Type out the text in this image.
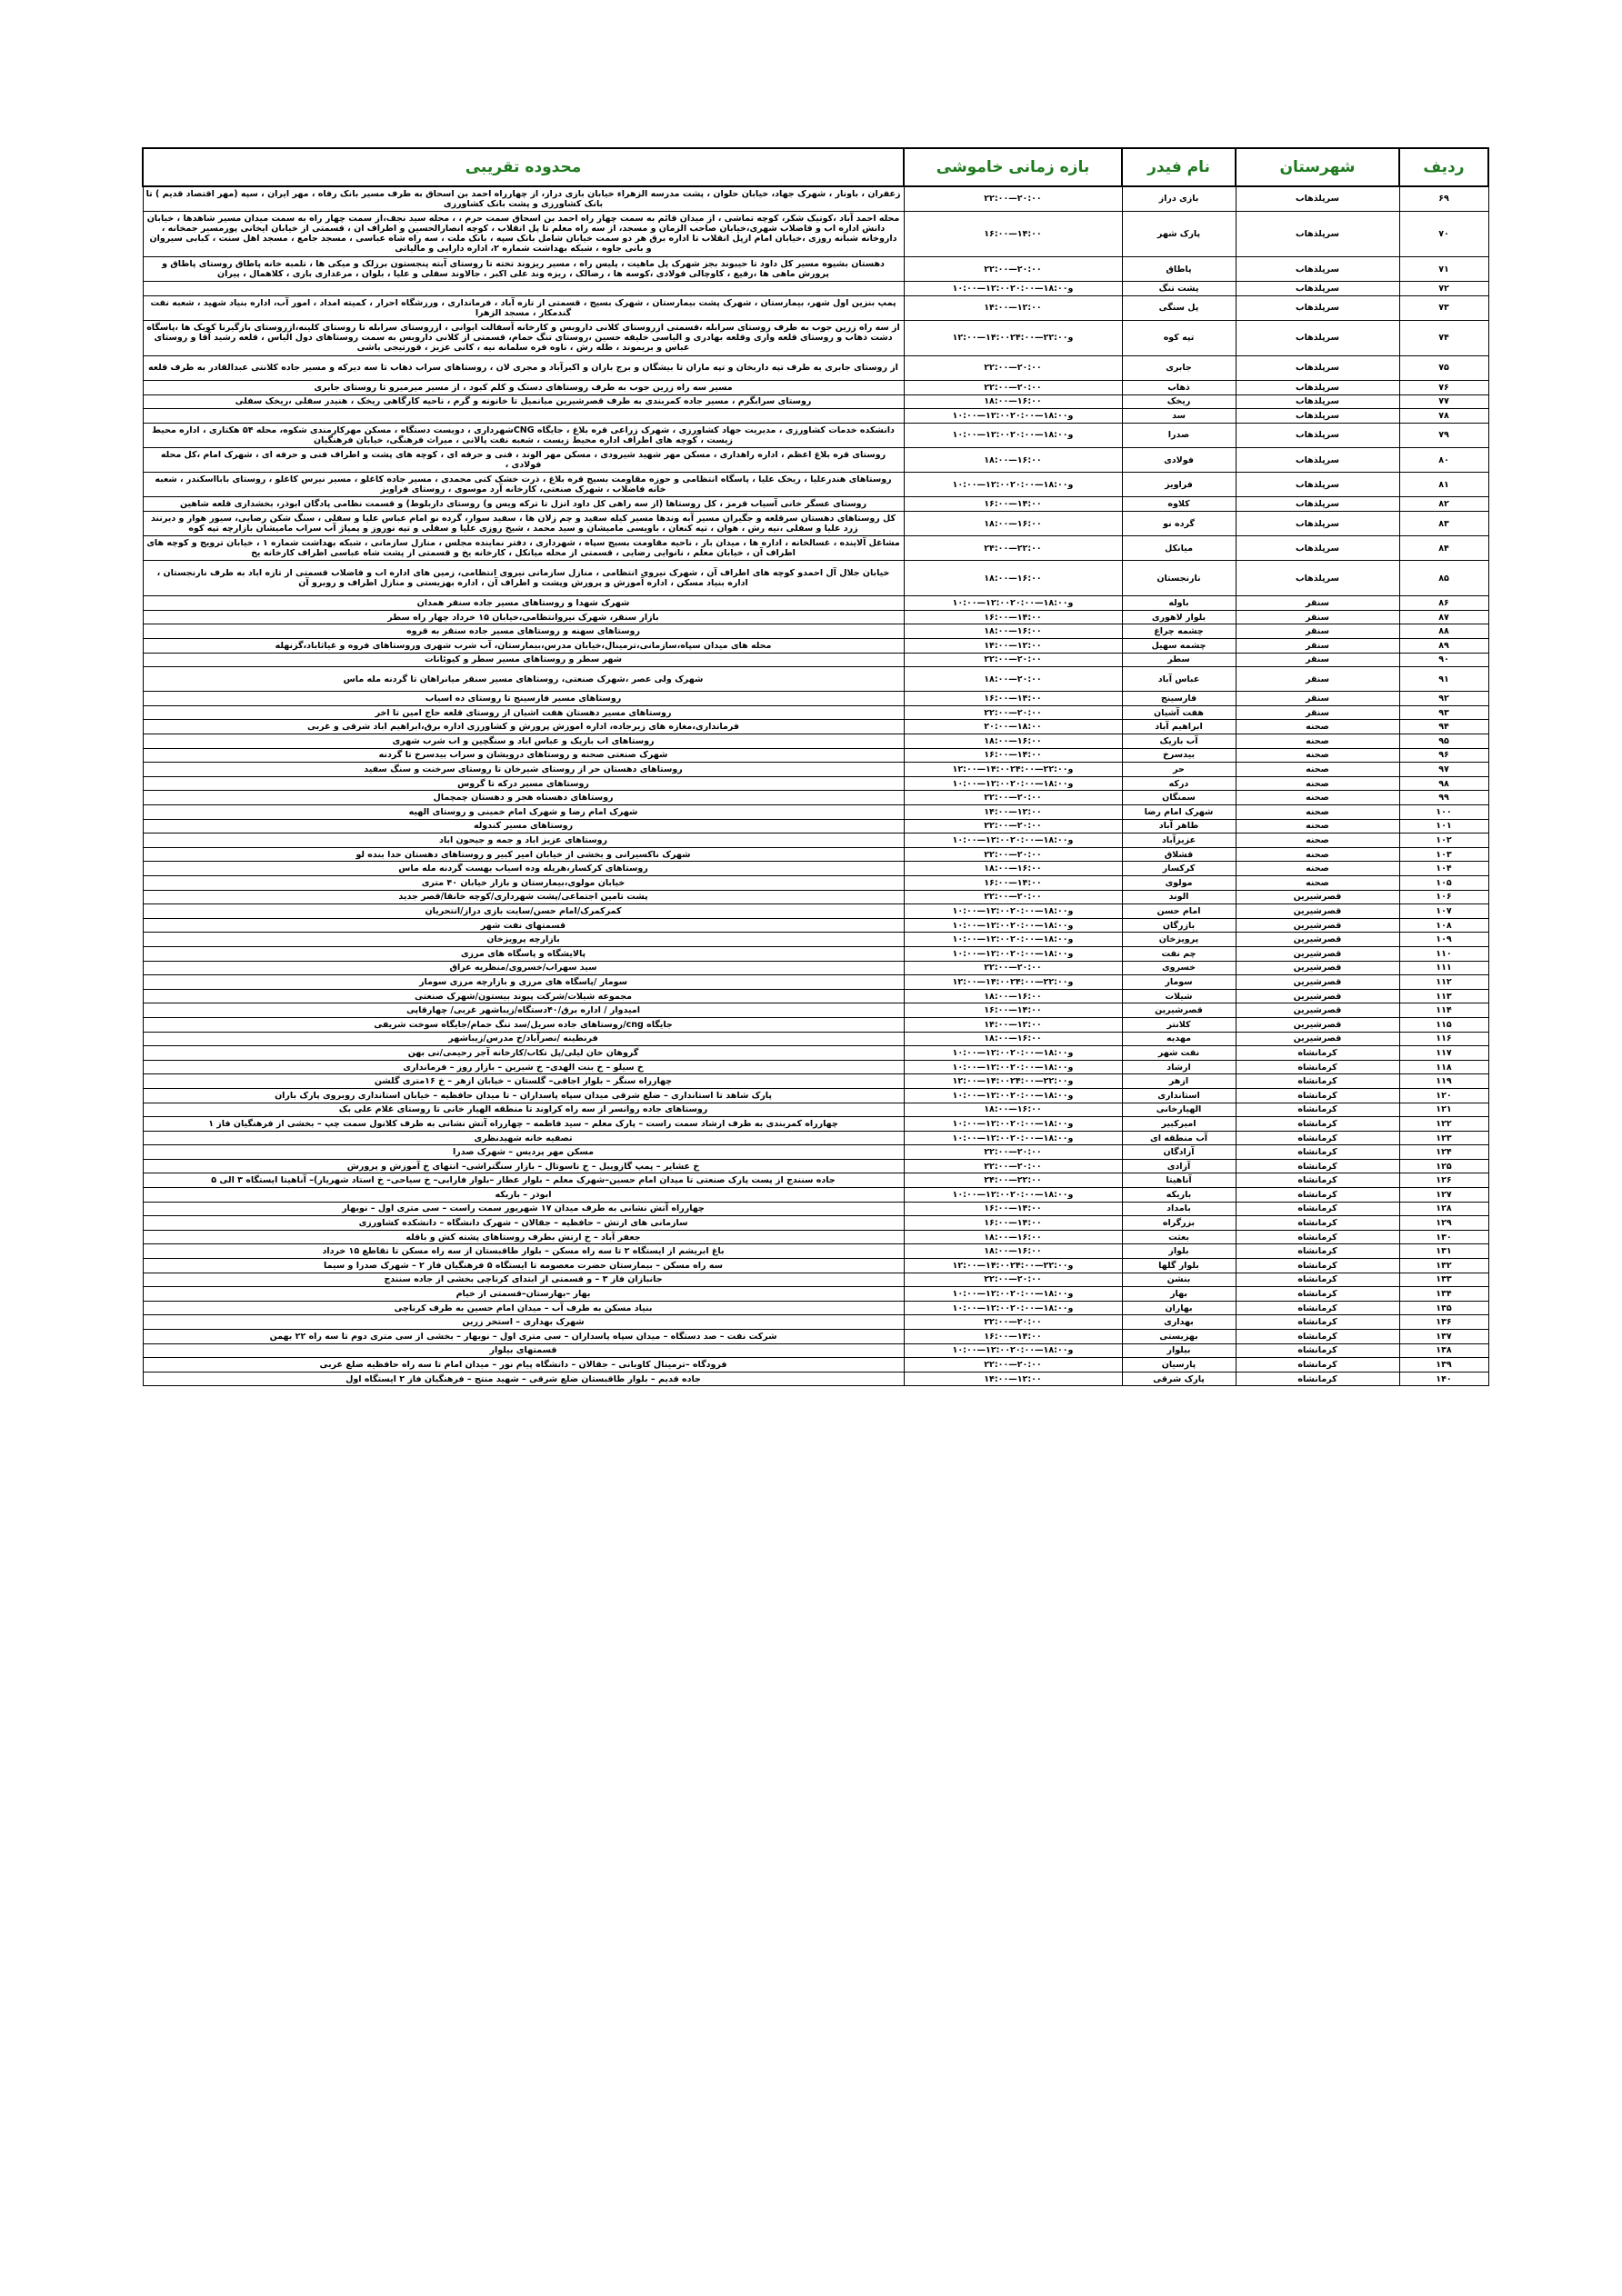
ردیف	شهرستان	نام فیدر	بازه زمانی خاموشی	محدوده تقریبی
۶۹	سرپلذهاب	بازی دراز	۲۲:۰۰—۲۰:۰۰	زعفران ، باونار ، شهرک جهاد، خیابان حلوان ، پشت مدرسه الزهراء خیابان بازی دراز، از چهارراه احمد بن اسحاق به طرف مسیر بانک رفاه ، مهر ایران ، سپه (مهر اقتصاد قدیم ) تا بانک کشاورزی و پشت بانک کشاورزی
۷۰	سرپلذهاب	پارک شهر	۱۶:۰۰—۱۴:۰۰	محله احمد آباد ،کوتیک شکر، کوچه تماشی ، از میدان قائم به سمت چهار راه احمد بن اسحاق سمت حرم ، ، محله سید نجف،از سمت چهار راه به سمت میدان مسیر شاهدها ، خیابان دانش اداره اب و فاضلاب شهری،خیابان صاحب الزمان و مسجد، از سه راه معلم تا پل انقلاب ، کوچه انصارالحسین و اطراف ان ، قسمتی از خیابان ایخانی پورمسیر جمخانه ، داروخانه شبانه روزی ،خیابان امام ازپل انقلاب تا اداره برق هر دو سمت خیابان شامل بانک سپه ، بانک ملت ، سه راه شاه عباسی ، مسجد جامع ، مسجد اهل سنت ، کبابی سیروان و بانی جاوه ، شبکه بهداشت شماره ۲، اداره دارایی و مالیاتی
۷۱	سرپلذهاب	پاطاق	۲۲:۰۰—۲۰:۰۰	دهستان بشیوه مسیر کل داود تا حیبوند بجز شهرک پل ماهیت ، پلیس راه ، مسیر ریزوند تخته تا روستای آبته پنجستون برزلک و میکی ها ، تلمبه خانه پاطاق روستای پاطاق و پرورش ماهی ها ،رفیع ، کاوچالی فولادی ،کوسه ها ، رضالک ، ریزه وند علی اکبر ، جالاوند سفلی و علیا ، بلوان ، مرغداری باری ، کلاهمال ، پیران
۷۲	سرپلذهاب	پشت تنگ	۱۰:۰۰—۱۲:۰۰و۱۸:۰۰—۲۰:۰۰	
۷۳	سرپلذهاب	پل سنگی	۱۴:۰۰—۱۲:۰۰	پمپ بنزین اول شهر، بیمارستان ، شهرک پشت بیمارستان ، شهرک بسیج ، قسمتی از تازه آباد ، فرمانداری ، ورزشگاه احرار ، کمیته امداد ، امور آب، اداره بنیاد شهید ، شعبه نفت گندمکار ، مسجد الزهرا
۷۴	سرپلذهاب	تپه کوه	۱۲:۰۰—۱۴:۰۰و۲۲:۰۰—۲۴:۰۰	از سه راه زرین جوب به طرف روستای سرابله ،قسمتی ازروستای کلانی داروبس و کارخانه آسفالت ایوانی ، ازروستای سرابله تا روستای کلینه،ازروستای بازگیرنا کوبک ها ،پاسگاه دشت ذهاب و روستای قلعه واری وقلعه بهادری و الیاسی خلیفه حسین ،روستای تنگ حمام، قسمتی از کلانی داروبس به سمت روستاهای دول الیاس ، قلعه رشید آقا و روستای عباس و بریموند ، طله رش ، ناوه فره سلمانه نیه ، کانی عزیز ، قورتیجی باشی
۷۵	سرپلذهاب	جابری	۲۲:۰۰—۲۰:۰۰	از روستای جابری به طرف تپه داربخان و تپه ماران تا بیشگان و برج باران و اکبرآباد و مجری لان ، روستاهای سراب ذهاب تا سه دیرکه و مسیر جاده کلانتی عبدالقادر به طرف قلعه
۷۶	سرپلذهاب	ذهاب	۲۲:۰۰—۲۰:۰۰	مسیر سه راه زرین جوب به طرف روستاهای دستک و کلم کبود ، از مسیر میرمیرو تا روستای جابری
۷۷	سرپلذهاب	ریخک	۱۸:۰۰—۱۶:۰۰	روستای سرابگرم ، مسیر جاده کمربندی به طرف قصرشیرین میانمیل تا خانونه و گرم ، ناحیه کارگاهی ریخک ، هنیدر سفلی ،ریخک سفلی
۷۸	سرپلذهاب	سد	۱۰:۰۰—۱۲:۰۰و۱۸:۰۰—۲۰:۰۰	
۷۹	سرپلذهاب	صدرا	۱۰:۰۰—۱۲:۰۰و۱۸:۰۰—۲۰:۰۰	دانشکده خدمات کشاورزی ، مدیریت جهاد کشاورزی ، شهرک زراعی قره بلاغ ، جایگاه CNGشهرداری ، دویست دستگاه ، مسکن مهرکارمندی شکوه، محله ۵۴ هکتاری ، اداره محیط زیست ، کوچه های اطراف اداره محیط زیست ، شعبه نفت پالانی ، میراث فرهنگی، خیابان فرهنگیان
۸۰	سرپلذهاب	فولادی	۱۸:۰۰—۱۶:۰۰	روستای قره بلاغ اعظم ، اداره راهداری ، مسکن مهر شهید شیرودی ، مسکن مهر الوند ، فنی و حرفه ای ، کوچه های پشت و اطراف فنی و حرفه ای ، شهرک امام ،کل محله فولادی ،
۸۱	سرپلذهاب	فراویز	۱۰:۰۰—۱۲:۰۰و۱۸:۰۰—۲۰:۰۰	روستاهای هندرعلیا ، ریخک علیا ، پاسگاه انتظامی و حوزه مقاومت بسیج قره بلاغ ، ذرت خشک کنی محمدی ، مسیر جاده کاغلو ، مسیر نیرس کاغلو ، روستای بابااسکندر ، شعبه خانه فاضلاب ، شهرک صنعتی، کارخانه آرد موسوی ، روستای فراویز
۸۲	سرپلذهاب	کلاوه	۱۶:۰۰—۱۴:۰۰	روستای عسگر خانی آسیاب قرمز ، کل روستاها (از سه راهی کل داود انزل تا ترکه ویس و) روستای داربلوط) و قسمت نظامی پادگان ابوذر، بخشداری قلعه شاهین
۸۳	سرپلذهاب	گرده نو	۱۸:۰۰—۱۶:۰۰	کل روستاهای دهستان سرقلعه و جگیران مسیر آبه وندها مسیر کیله سفید و چم زلان ها ، سفید سوار، گرده نو امام عباس علیا و سفلی ، سنگ شکن رضایی، سیور هوار و دیرنند زرد علیا و سفلی ،نیه رش ، هوان ، تپه کنعان ، باویسی مامیشان و سید محمد ، شیخ روزی علیا و سفلی و تپه نوروز و پمپاژ آب سراب مامیشان بازارچه تپه کوه
۸۴	سرپلذهاب	میانکل	۲۴:۰۰—۲۲:۰۰	مشاغل آلاینده ، غسالخانه ، اداره ها ، میدان بار ، ناحیه مقاومت بسیج سپاه ، شهرداری ، دفتر نماینده مجلس ، منازل سازمانی ، شبکه بهداشت شماره ۱ ، خیابان ترویج و کوچه های اطراف آن ، خیابان معلم ، نانوایی رضایی ، قسمتی از محله میانکل ، کارخانه یخ و قسمتی از پشت شاه عباسی اطراف کارخانه یخ
۸۵	سرپلذهاب	نارنجستان	۱۸:۰۰—۱۶:۰۰	خیابان جلال آل احمدو کوچه های اطراف آن ، شهرک نیروی انتظامی ، منازل سازمانی نیروی انتظامی، زمین های اداره اب و فاضلاب قسمتی از تازه اباد به طرف نارنجستان ، اداره بنیاد مسکن ، اداره آموزش و پرورش وپشت و اطراف آن ، اداره بهزیستی و منازل اطراف و روبرو آن
۸۶	سنقر	باوله	۱۰:۰۰—۱۲:۰۰و۱۸:۰۰—۲۰:۰۰	شهرک شهدا و روستاهای مسیر جاده سنقر همدان
۸۷	سنقر	بلوار لاهوری	۱۶:۰۰—۱۴:۰۰	بازار سنقر، شهرک نیروانتظامی،خیابان ۱۵ خرداد چهار راه سطر
۸۸	سنقر	چشمه چراغ	۱۸:۰۰—۱۶:۰۰	روستاهای سهنه و روستاهای مسیر جاده سنقر به قروه
۸۹	سنقر	چشمه سهیل	۱۴:۰۰—۱۲:۰۰	محله های میدان سپاه،سازمانی،ترمینال،خیابان مدرس،بیمارستان، آب شرب شهری وروستاهای فروه و غیاثاباد،گزنهله
۹۰	سنقر	سطر	۲۲:۰۰—۲۰:۰۰	شهر سطر و روستاهای مسیر سطر و کیوئانات
۹۱	سنقر	عباس آباد	۱۸:۰۰—۲۰:۰۰	شهرک ولی عصر ،شهرک صنعتی، روستاهای مسیر سنقر میانراهان تا گردنه مله ماس
۹۲	سنقر	فارسینج	۱۶:۰۰—۱۴:۰۰	روستاهای مسیر فارسینج تا روستای ده اسیاب
۹۳	سنقر	هفت آشیان	۲۲:۰۰—۲۰:۰۰	روستاهای مسیر دهستان هفت اشیان از روستای قلعه حاج امین تا اخر
۹۴	صحنه	ابراهیم آباد	۲۰:۰۰—۱۸:۰۰	فرمانداری،مغازه های زیرجاده، اداره اموزش پرورش و کشاورزی اداره برق،ابراهیم اباد شرقی و غربی
۹۵	صحنه	آب باریک	۱۸:۰۰—۱۶:۰۰	روستاهای اب باریک و عباس اباد و سنگچین و اب شرب شهری
۹۶	صحنه	بیدسرخ	۱۶:۰۰—۱۴:۰۰	شهرک صنعتی صحنه و روستاهای درویشان و سراب بیدسرخ تا گردنه
۹۷	صحنه	حر	۱۲:۰۰—۱۴:۰۰و۲۲:۰۰—۲۴:۰۰	روستاهای دهستان حر از روستای شیرخان تا روستای سرخنت و سنگ سفید
۹۸	صحنه	درکه	۱۰:۰۰—۱۲:۰۰و۱۸:۰۰—۲۰:۰۰	روستاهای مسیر درکه تا گروس
۹۹	صحنه	سمنگان	۲۲:۰۰—۲۰:۰۰	روستاهای دهستاه هجر و دهستان چمچمال
۱۰۰	صحنه	شهرک امام رضا	۱۴:۰۰—۱۲:۰۰	شهرک امام رضا و شهرک امام خمینی و روستای الهیه
۱۰۱	صحنه	طاهر آباد	۲۲:۰۰—۲۰:۰۰	روستاهای مسیر کندوله
۱۰۲	صحنه	عزیزآباد	۱۰:۰۰—۱۲:۰۰و۱۸:۰۰—۲۰:۰۰	روستاهای عزیز اباد و جمه و جیحون اباد
۱۰۳	صحنه	قشلاق	۲۲:۰۰—۲۰:۰۰	شهرک ناکسیرانی و بخشی از خیابان امیر کبیر و روستاهای دهستان خدا بنده لو
۱۰۴	صحنه	کرکسار	۱۸:۰۰—۱۶:۰۰	روستاهای کرکسار،هریله وده اسیاب بهست گردنه مله ماس
۱۰۵	صحنه	مولوی	۱۶:۰۰—۱۴:۰۰	خیابان مولوی،بیمارستان و بازار خیابان ۴۰ متری
۱۰۶	قصرشیرین	الوند	۲۲:۰۰—۲۰:۰۰	پشت تامین اجتماعی/پشت شهرداری/کوچه خانقا/قصر جدید
۱۰۷	قصرشیرین	امام حسن	۱۰:۰۰—۱۲:۰۰و۱۸:۰۰—۲۰:۰۰	کمرکمرک/امام حسن/سایت بازی دراز/انتحریان
۱۰۸	قصرشیرین	بازرگان	۱۰:۰۰—۱۲:۰۰و۱۸:۰۰—۲۰:۰۰	قسمتهای نفت شهر
۱۰۹	قصرشیرین	پرویزخان	۱۰:۰۰—۱۲:۰۰و۱۸:۰۰—۲۰:۰۰	بازارچه پرویزخان
۱۱۰	قصرشیرین	چم نفت	۱۰:۰۰—۱۲:۰۰و۱۸:۰۰—۲۰:۰۰	پالایشگاه و پاسگاه های مرزی
۱۱۱	قصرشیرین	خسروی	۲۲:۰۰—۲۰:۰۰	سید سهراب/خسروی/منظریه عراق
۱۱۲	قصرشیرین	سومار	۱۲:۰۰—۱۴:۰۰و۲۲:۰۰—۲۴:۰۰	سومار /پاسگاه های مرزی و بازارچه مرزی سومار
۱۱۳	قصرشیرین	شیلات	۱۸:۰۰—۱۶:۰۰	مجموعه شیلات/شرکت پیوند بیستون/شهرک صنعتی
۱۱۴	قصرشیرین	قصرشیرین	۱۶:۰۰—۱۴:۰۰	امیدوار / اداره برق/۴۰دستگاه/زیباشهر غربی/ چهارقاپی
۱۱۵	قصرشیرین	کلانتر	۱۴:۰۰—۱۲:۰۰	جایگاه cng/روستاهای جاده سریل/سد تنگ حمام/جایگاه سوخت شریفی
۱۱۶	قصرشیرین	مهدیه	۱۸:۰۰—۱۶:۰۰	فرنطینه /نصرآباد/خ مدرس/زیباشهر
۱۱۷	کرمانشاه	نفت شهر	۱۰:۰۰—۱۲:۰۰و۱۸:۰۰—۲۰:۰۰	گروهان خان لیلی/پل تکاب/کارخانه آجر رحیمی/نی بهن
۱۱۸	کرمانشاه	ارشاد	۱۰:۰۰—۱۲:۰۰و۱۸:۰۰—۲۰:۰۰	خ سیلو – خ بنت الهدی– خ شیرین – بازار روز – فرمانداری
۱۱۹	کرمانشاه	ازهر	۱۲:۰۰—۱۴:۰۰و۲۲:۰۰—۲۴:۰۰	چهارراه سنگر – بلوار اجاقی– گلستان – خیابان ازهر – خ ۱۶متری گلشن
۱۲۰	کرمانشاه	استانداری	۱۰:۰۰—۱۲:۰۰و۱۸:۰۰—۲۰:۰۰	پارک شاهد تا استانداری – ضلع شرقی میدان سپاه پاسداران – تا میدان حافظیه – خیابان استانداری روبروی پارک باران
۱۲۱	کرمانشاه	الهیارخانی	۱۸:۰۰—۱۶:۰۰	روستاهای جاده روانسر از سه راه کراوند تا منطقه الهیار خانی تا روستای غلام علی بک
۱۲۲	کرمانشاه	امیرکبیر	۱۰:۰۰—۱۲:۰۰و۱۸:۰۰—۲۰:۰۰	چهارراه کمربندی به طرف ارشاد سمت راست – پارک معلم – سید فاطمه – چهارراه آتش نشانی به طرف کلانول سمت چپ – بخشی از فرهنگیان فاز ۱
۱۲۳	کرمانشاه	آب منطقه ای	۱۰:۰۰—۱۲:۰۰و۱۸:۰۰—۲۰:۰۰	تصفیه خانه شهیدنظری
۱۲۴	کرمانشاه	آزادگان	۲۲:۰۰—۲۰:۰۰	مسکن مهر پردیس – شهرک صدرا
۱۲۵	کرمانشاه	آزادی	۲۲:۰۰—۲۰:۰۰	خ عشایر – پمپ گازوییل – خ ناسوتال – بازار سنگتراشی– انتهای خ آموزش و پرورش
۱۲۶	کرمانشاه	آناهیتا	۲۴:۰۰—۲۲:۰۰	جاده سنندج از پست پارک صنعتی تا میدان امام حسین–شهرک معلم – بلوار عطار –بلوار فارابی– خ سیاحی– خ استاد شهریار)– آناهیتا ایستگاه ۳ الی ۵
۱۲۷	کرمانشاه	باریکه	۱۰:۰۰—۱۲:۰۰و۱۸:۰۰—۲۰:۰۰	ابوذر – باریکه
۱۲۸	کرمانشاه	بامداد	۱۶:۰۰—۱۴:۰۰	چهارراه آتش نشانی به طرف میدان ۱۷ شهریور سمت راست – سی متری اول – نوبهار
۱۲۹	کرمانشاه	بزرگراه	۱۶:۰۰—۱۴:۰۰	سازمانی های ارتش – حافظیه – جقالان – شهرک دانشگاه – دانشکده کشاورزی
۱۳۰	کرمانشاه	بعثت	۱۸:۰۰—۱۶:۰۰	جعفر آباد – خ ارتش بطرف روستاهای پشته کش و باقله
۱۳۱	کرمانشاه	بلوار	۱۸:۰۰—۱۶:۰۰	باغ ابریشم از ایستگاه ۲ تا سه راه مسکن – بلوار طاقبستان از سه راه مسکن تا تقاطع ۱۵ خرداد
۱۳۲	کرمانشاه	بلوار گلها	۱۲:۰۰—۱۴:۰۰و۲۲:۰۰—۲۴:۰۰	سه راه مسکن – بیمارستان حضرت معصومه تا ایستگاه ۵ فرهنگیان فاز ۲ – شهرک صدرا و سیما
۱۳۳	کرمانشاه	بنشن	۲۲:۰۰—۲۰:۰۰	جانبازان فاز ۳ – و قسمتی از ابتدای کرناچی بخشی از جاده سنندج
۱۳۴	کرمانشاه	بهار	۱۰:۰۰—۱۲:۰۰و۱۸:۰۰—۲۰:۰۰	بهار –بهارستان–قسمتی از خیام
۱۳۵	کرمانشاه	بهاران	۱۰:۰۰—۱۲:۰۰و۱۸:۰۰—۲۰:۰۰	بنیاد مسکن به طرف آب – میدان امام حسین به طرف کرناچی
۱۳۶	کرمانشاه	بهداری	۲۲:۰۰—۲۰:۰۰	شهرک بهداری – استخر زرین
۱۳۷	کرمانشاه	بهزیستی	۱۶:۰۰—۱۴:۰۰	شرکت نفت – صد دستگاه – میدان سپاه پاسداران – سی متری اول – نوبهار – بخشی از سی متری دوم تا سه راه ۲۲ بهمن
۱۳۸	کرمانشاه	بیلوار	۱۰:۰۰—۱۲:۰۰و۱۸:۰۰—۲۰:۰۰	قسمتهای بیلوار
۱۳۹	کرمانشاه	پارسیان	۲۲:۰۰—۲۰:۰۰	فرودگاه –ترمینال کاوبانی – جقالان – دانشگاه پیام نور – میدان امام تا سه راه حافظیه ضلع غربی
۱۴۰	کرمانشاه	پارک شرقی	۱۴:۰۰—۱۲:۰۰	جاده قدیم – بلوار طاقبستان ضلع شرقی – شهید منتج – فرهنگیان فاز ۲ ایستگاه اول
